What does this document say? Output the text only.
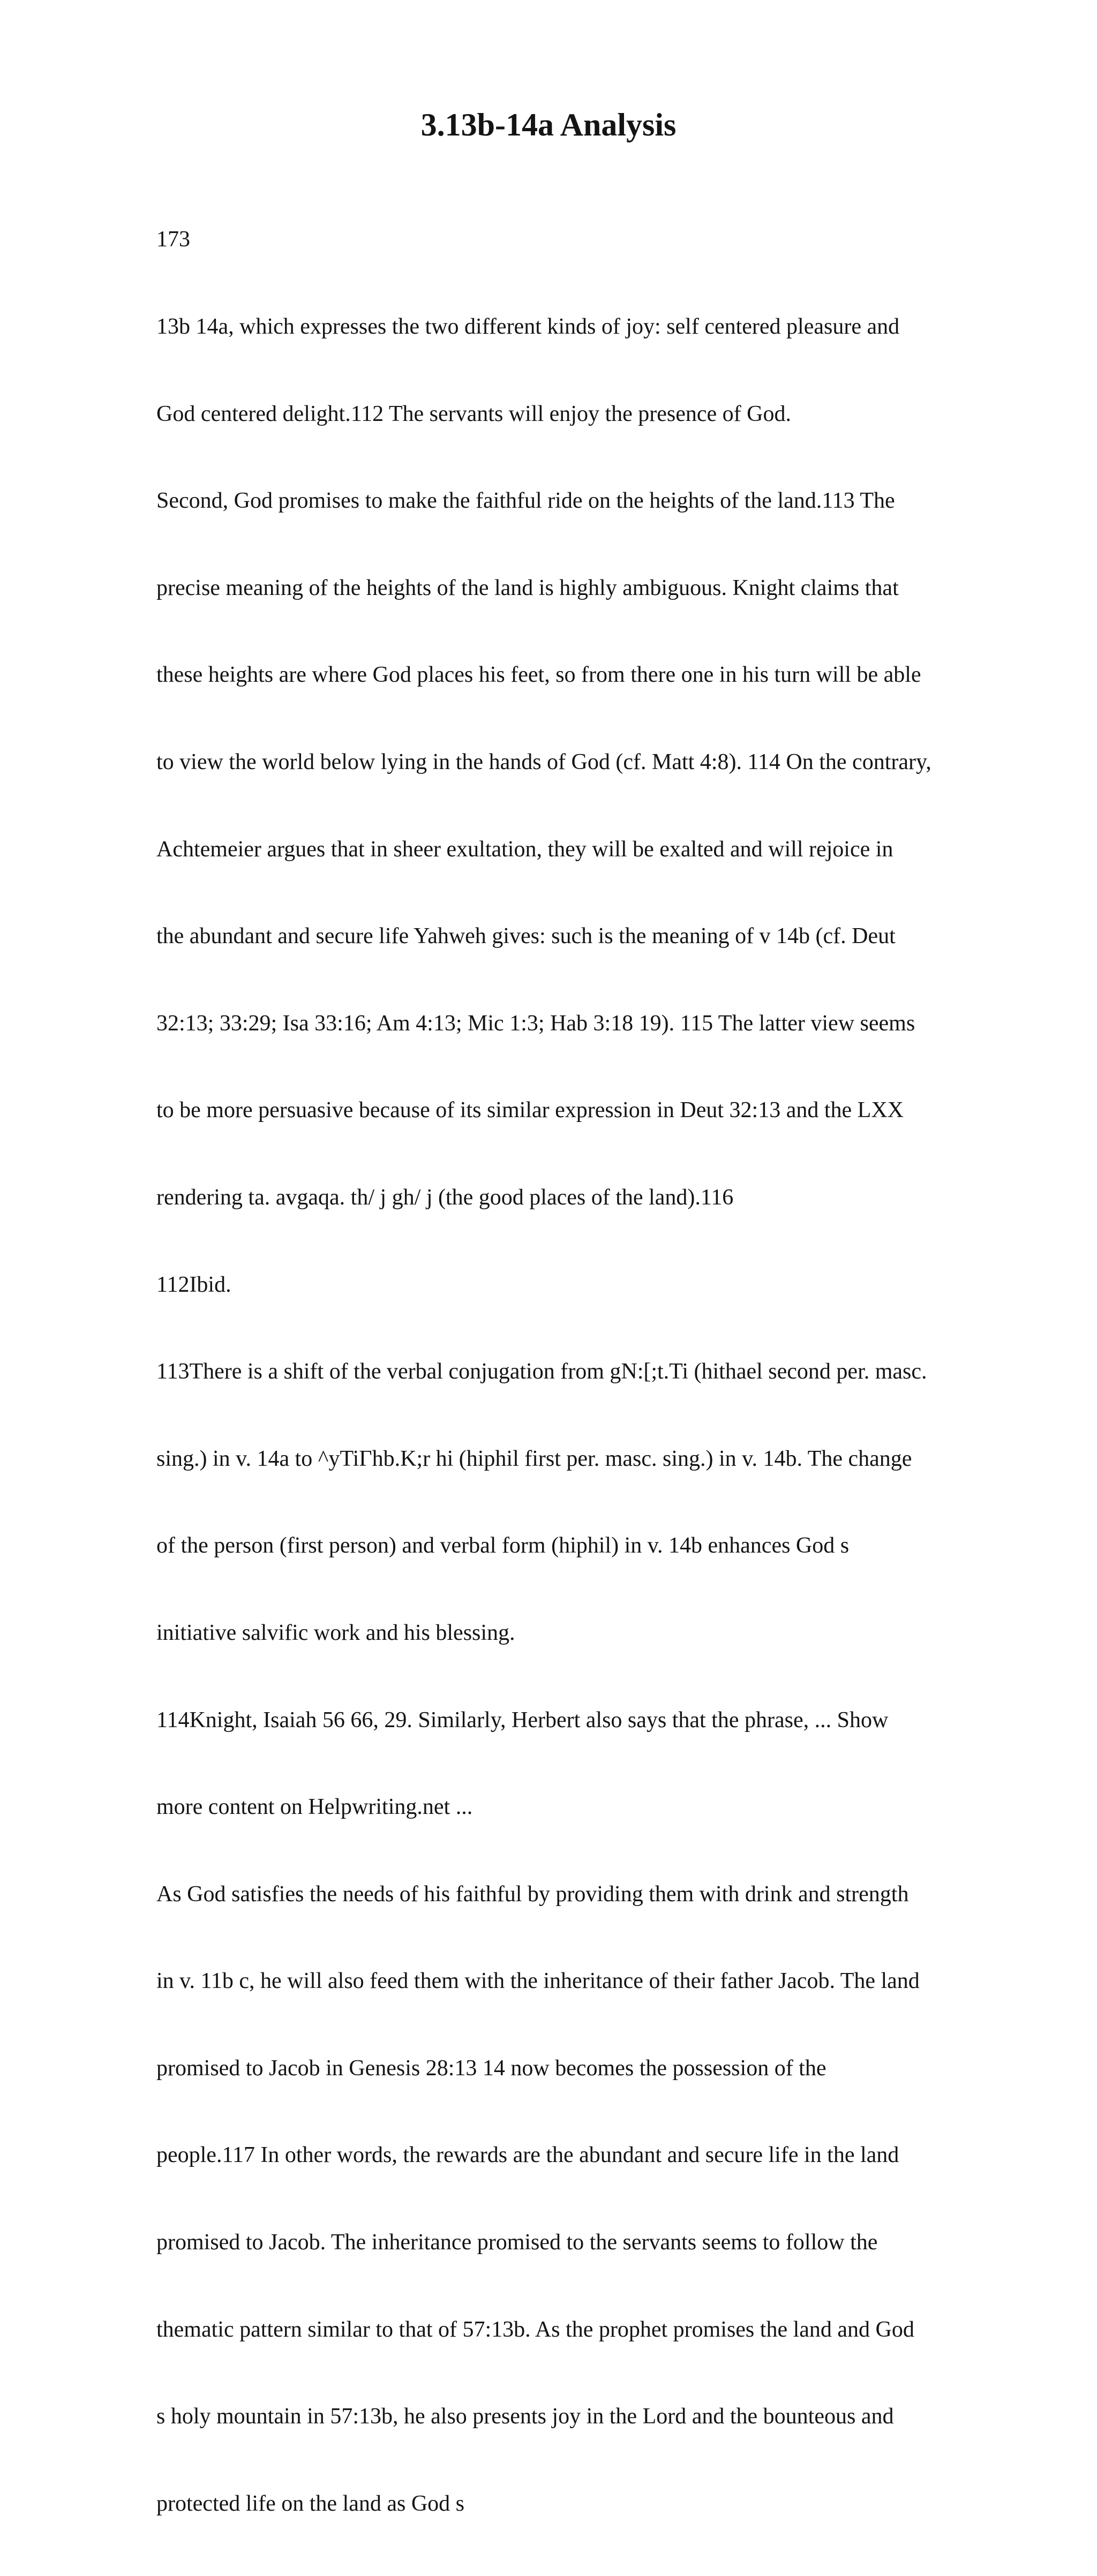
3.13b-14a Analysis

173

13b 14a, which expresses the two different kinds of joy: self centered pleasure and

God centered delight.112 The servants will enjoy the presence of God.

Second, God promises to make the faithful ride on the heights of the land.113 The

precise meaning of the heights of the land is highly ambiguous. Knight claims that

these heights are where God places his feet, so from there one in his turn will be able

to view the world below lying in the hands of God (cf. Matt 4:8). 114 On the contrary,

Achtemeier argues that in sheer exultation, they will be exalted and will rejoice in

the abundant and secure life Yahweh gives: such is the meaning of v 14b (cf. Deut

32:13; 33:29; Isa 33:16; Am 4:13; Mic 1:3; Hab 3:18 19). 115 The latter view seems

to be more persuasive because of its similar expression in Deut 32:13 and the LXX

rendering ta. avgaqa. th/ j gh/ j (the good places of the land).116

112Ibid.

113There is a shift of the verbal conjugation from gN:[;t.Ti (hithael second per. masc.

sing.) in v. 14a to ^yTiГhb.K;r hi (hiphil first per. masc. sing.) in v. 14b. The change

of the person (first person) and verbal form (hiphil) in v. 14b enhances God s

initiative salvific work and his blessing.

114Knight, Isaiah 56 66, 29. Similarly, Herbert also says that the phrase, ... Show

more content on Helpwriting.net ...

As God satisfies the needs of his faithful by providing them with drink and strength

in v. 11b c, he will also feed them with the inheritance of their father Jacob. The land

promised to Jacob in Genesis 28:13 14 now becomes the possession of the

people.117 In other words, the rewards are the abundant and secure life in the land

promised to Jacob. The inheritance promised to the servants seems to follow the

thematic pattern similar to that of 57:13b. As the prophet promises the land and God

s holy mountain in 57:13b, he also presents joy in the Lord and the bounteous and

protected life on the land as God s
